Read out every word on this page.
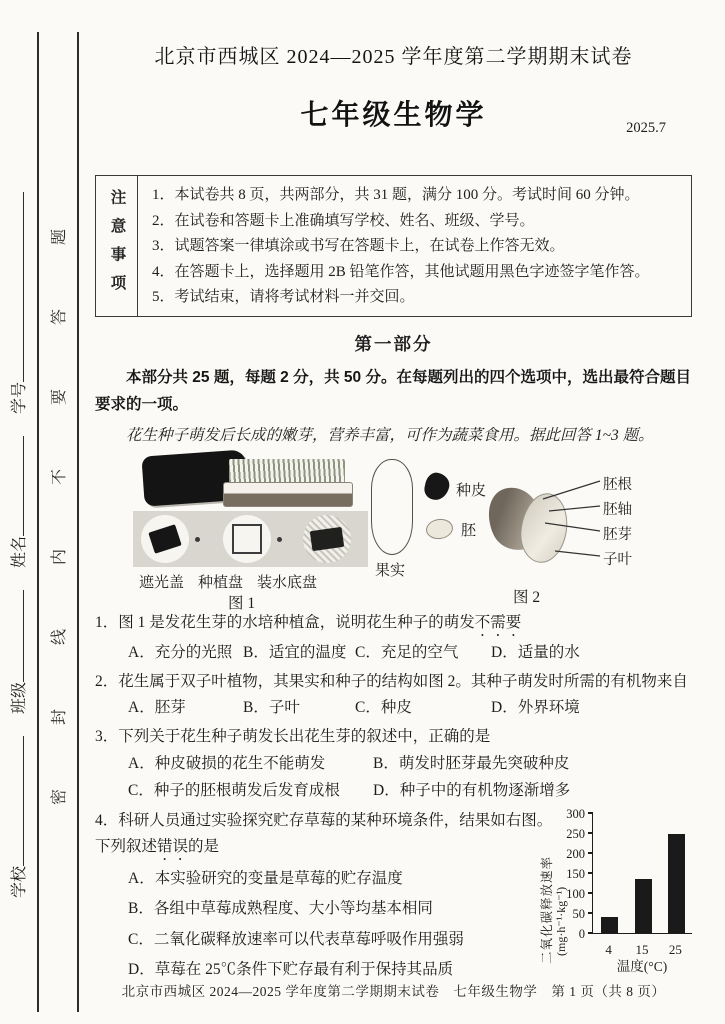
学校 班级 姓名 学号	密封线内不要答题
北京市西城区 2024—2025 学年度第二学期期末试卷
七年级生物学	2025.7
注意事项 1．本试卷共 8 页，共两部分，共 31 题，满分 100 分。考试时间 60 分钟。
2．在试卷和答题卡上准确填写学校、姓名、班级、学号。
3．试题答案一律填涂或书写在答题卡上，在试卷上作答无效。
4．在答题卡上，选择题用 2B 铅笔作答，其他试题用黑色字迹签字笔作答。
5．考试结束，请将考试材料一并交回。
第一部分
本部分共 25 题，每题 2 分，共 50 分。在每题列出的四个选项中，选出最符合题目要求的一项。
花生种子萌发后长成的嫩芽，营养丰富，可作为蔬菜食用。据此回答 1~3 题。
遮光盖 种植盘 装水底盘
图 1
果实
种皮
胚
胚根
胚轴
胚芽
子叶
图 2
1．图 1 是发花生芽的水培种植盒，说明花生种子的萌发不需要
A．充分的光照 B．适宜的温度 C．充足的空气	D．适量的水
2．花生属于双子叶植物，其果实和种子的结构如图 2。其种子萌发时所需的有机物来自
A．胚芽	B．子叶	C．种皮	D．外界环境
3．下列关于花生种子萌发长出花生芽的叙述中，正确的是
A．种皮破损的花生不能萌发	B．萌发时胚芽最先突破种皮
C．种子的胚根萌发后发育成根	D．种子中的有机物逐渐增多
4．科研人员通过实验探究贮存草莓的某种环境条件，结果如右图。下列叙述错误的是
A．本实验研究的变量是草莓的贮存温度
B．各组中草莓成熟程度、大小等均基本相同
C．二氧化碳释放速率可以代表草莓呼吸作用强弱
D．草莓在 25℃条件下贮存最有利于保持其品质
二氧化碳释放速率 (mg·h⁻¹·kg⁻¹) 0
50
100
150
200
250
300
4	15	25
温度(°C)
北京市西城区 2024—2025 学年度第二学期期末试卷　七年级生物学　第 1 页（共 8 页）
